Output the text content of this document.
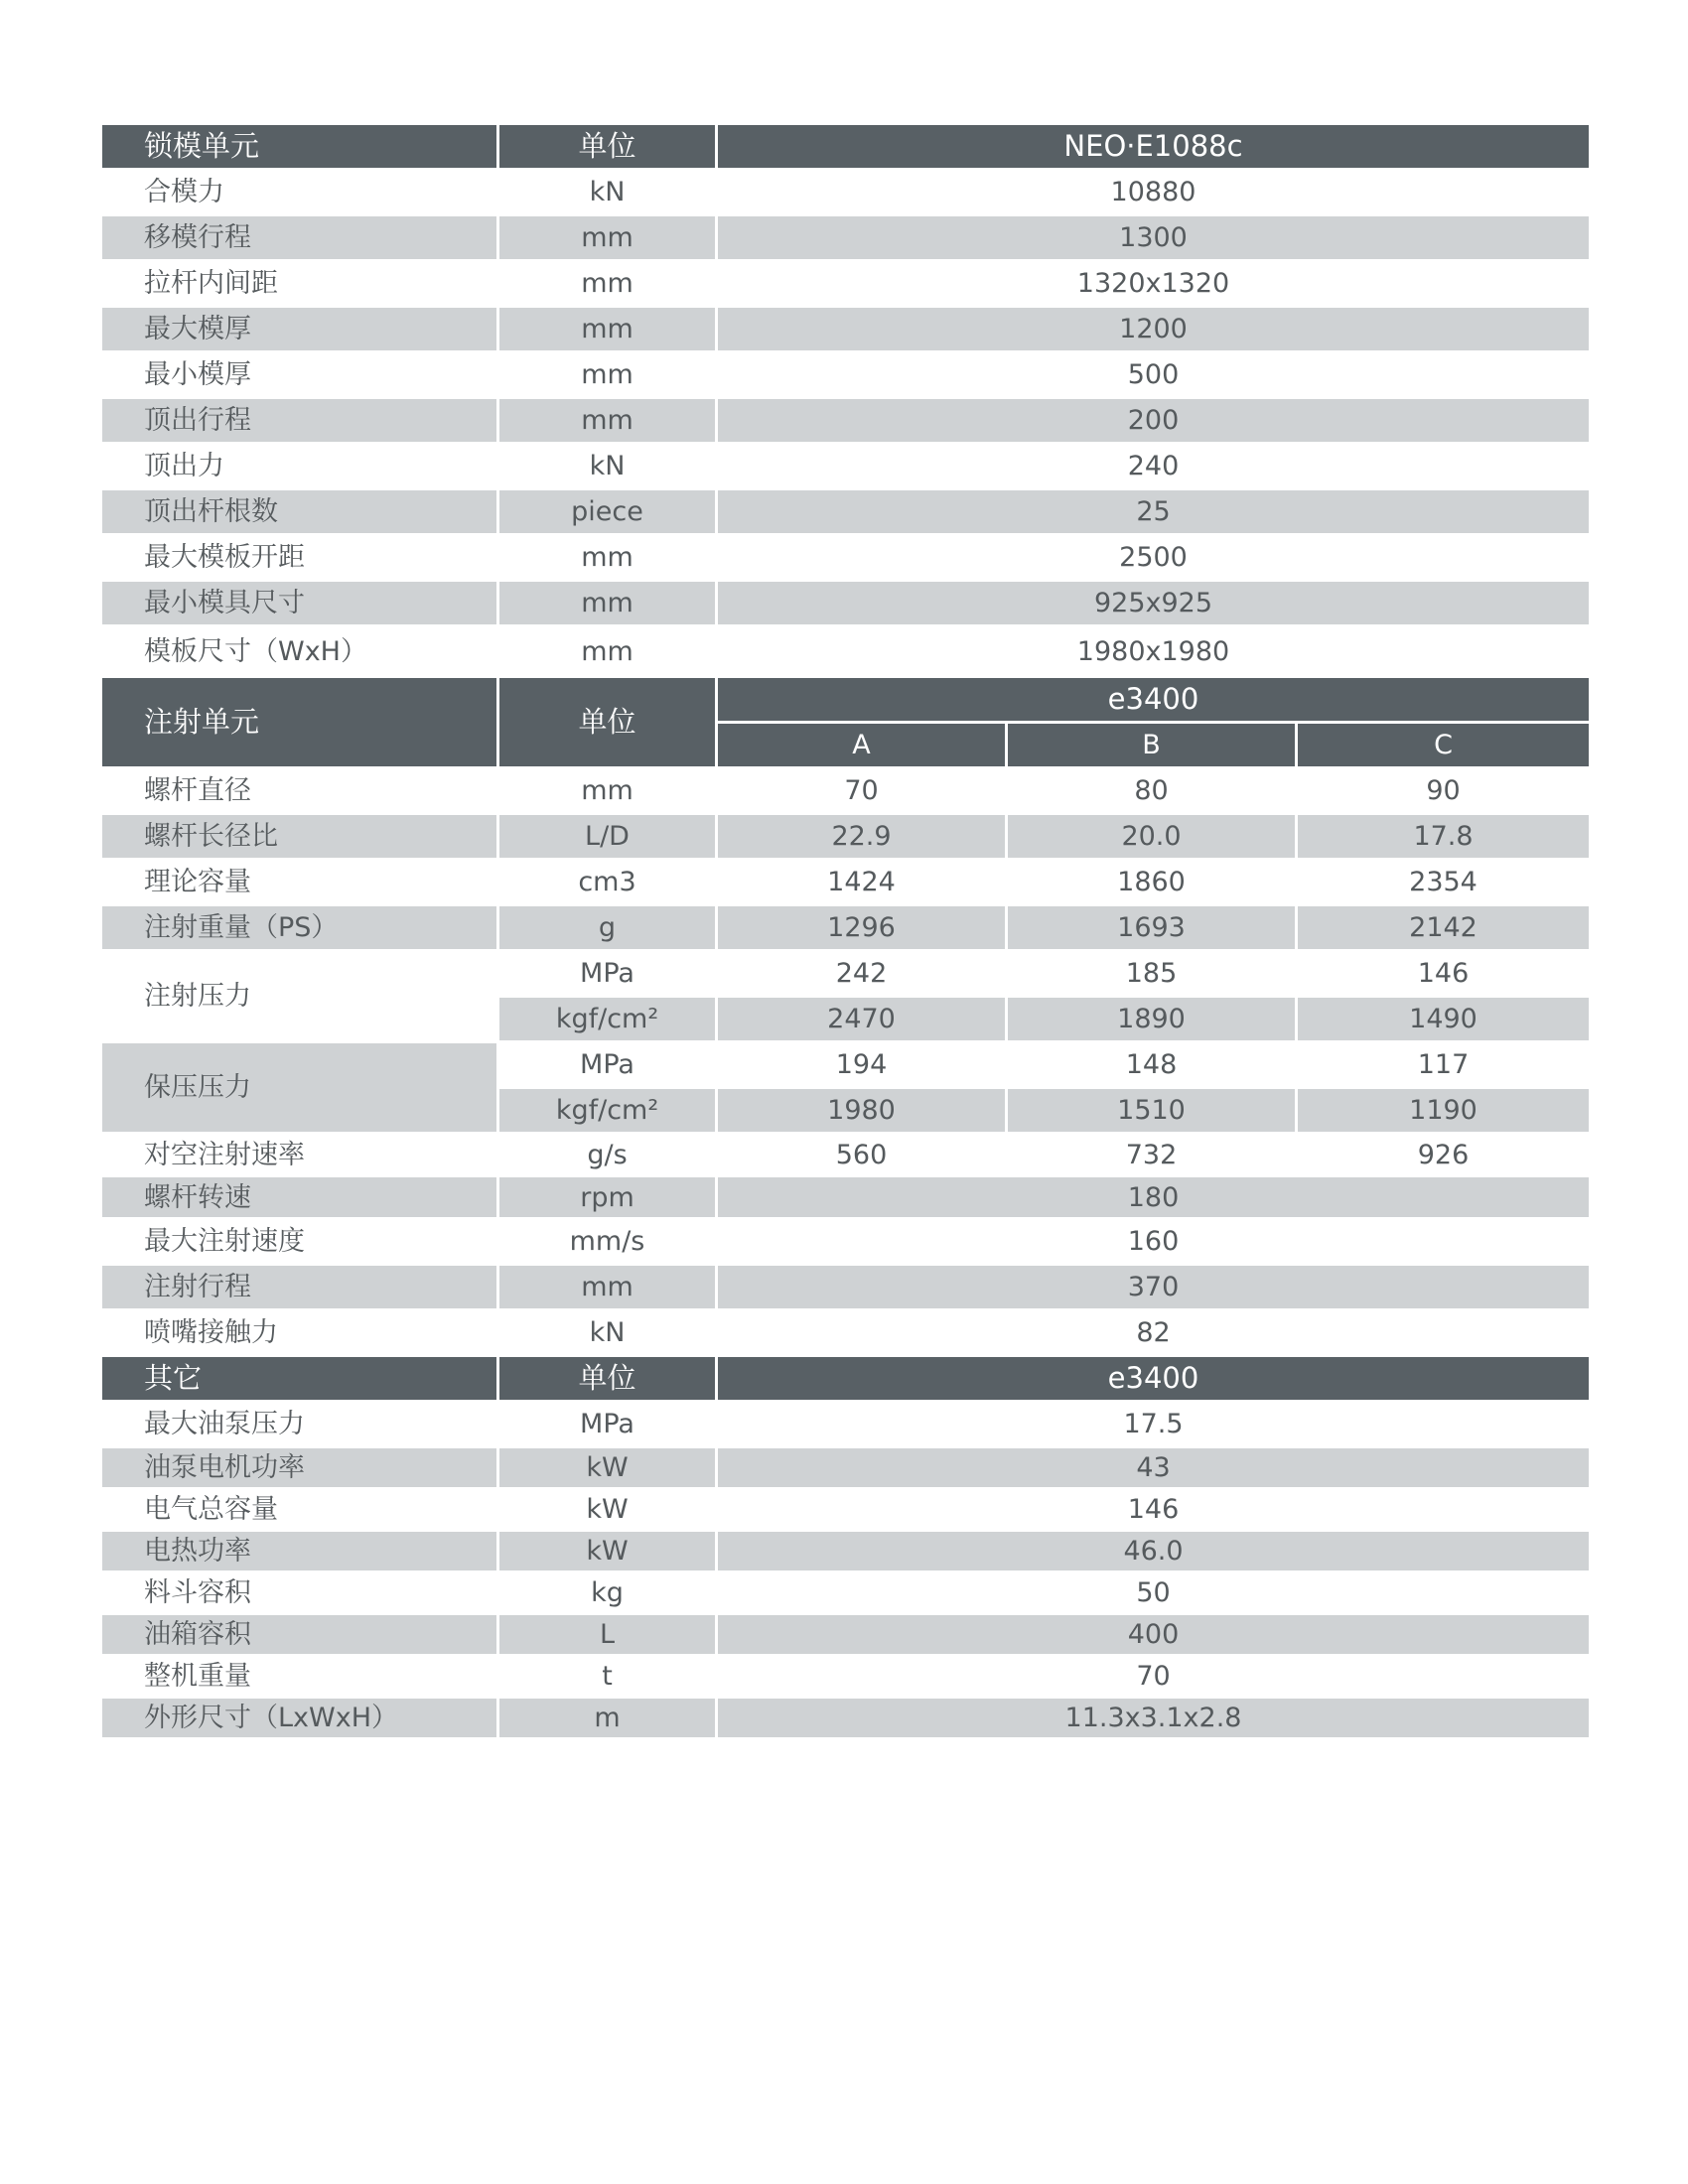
锁模单元	单位	NEO·E1088c		
合模力	kN	10880		
移模行程	mm	1300		
拉杆内间距	mm	1320x1320		
最大模厚	mm	1200		
最小模厚	mm	500		
顶出行程	mm	200		
顶出力	kN	240		
顶出杆根数	piece	25		
最大模板开距	mm	2500		
最小模具尺寸	mm	925x925		
模板尺寸（WxH）	mm	1980x1980		
注射单元	单位	e3400		
		A	B	C
螺杆直径	mm	70	80	90
螺杆长径比	L/D	22.9	20.0	17.8
理论容量	cm3	1424	1860	2354
注射重量（PS）	g	1296	1693	2142
注射压力	MPa	242	185	146
	kgf/cm²	2470	1890	1490
保压压力	MPa	194	148	117
	kgf/cm²	1980	1510	1190
对空注射速率	g/s	560	732	926
螺杆转速	rpm	180		
最大注射速度	mm/s	160		
注射行程	mm	370		
喷嘴接触力	kN	82		
其它	单位	e3400		
最大油泵压力	MPa	17.5		
油泵电机功率	kW	43		
电气总容量	kW	146		
电热功率	kW	46.0		
料斗容积	kg	50		
油箱容积	L	400		
整机重量	t	70		
外形尺寸（LxWxH）	m	11.3x3.1x2.8		
